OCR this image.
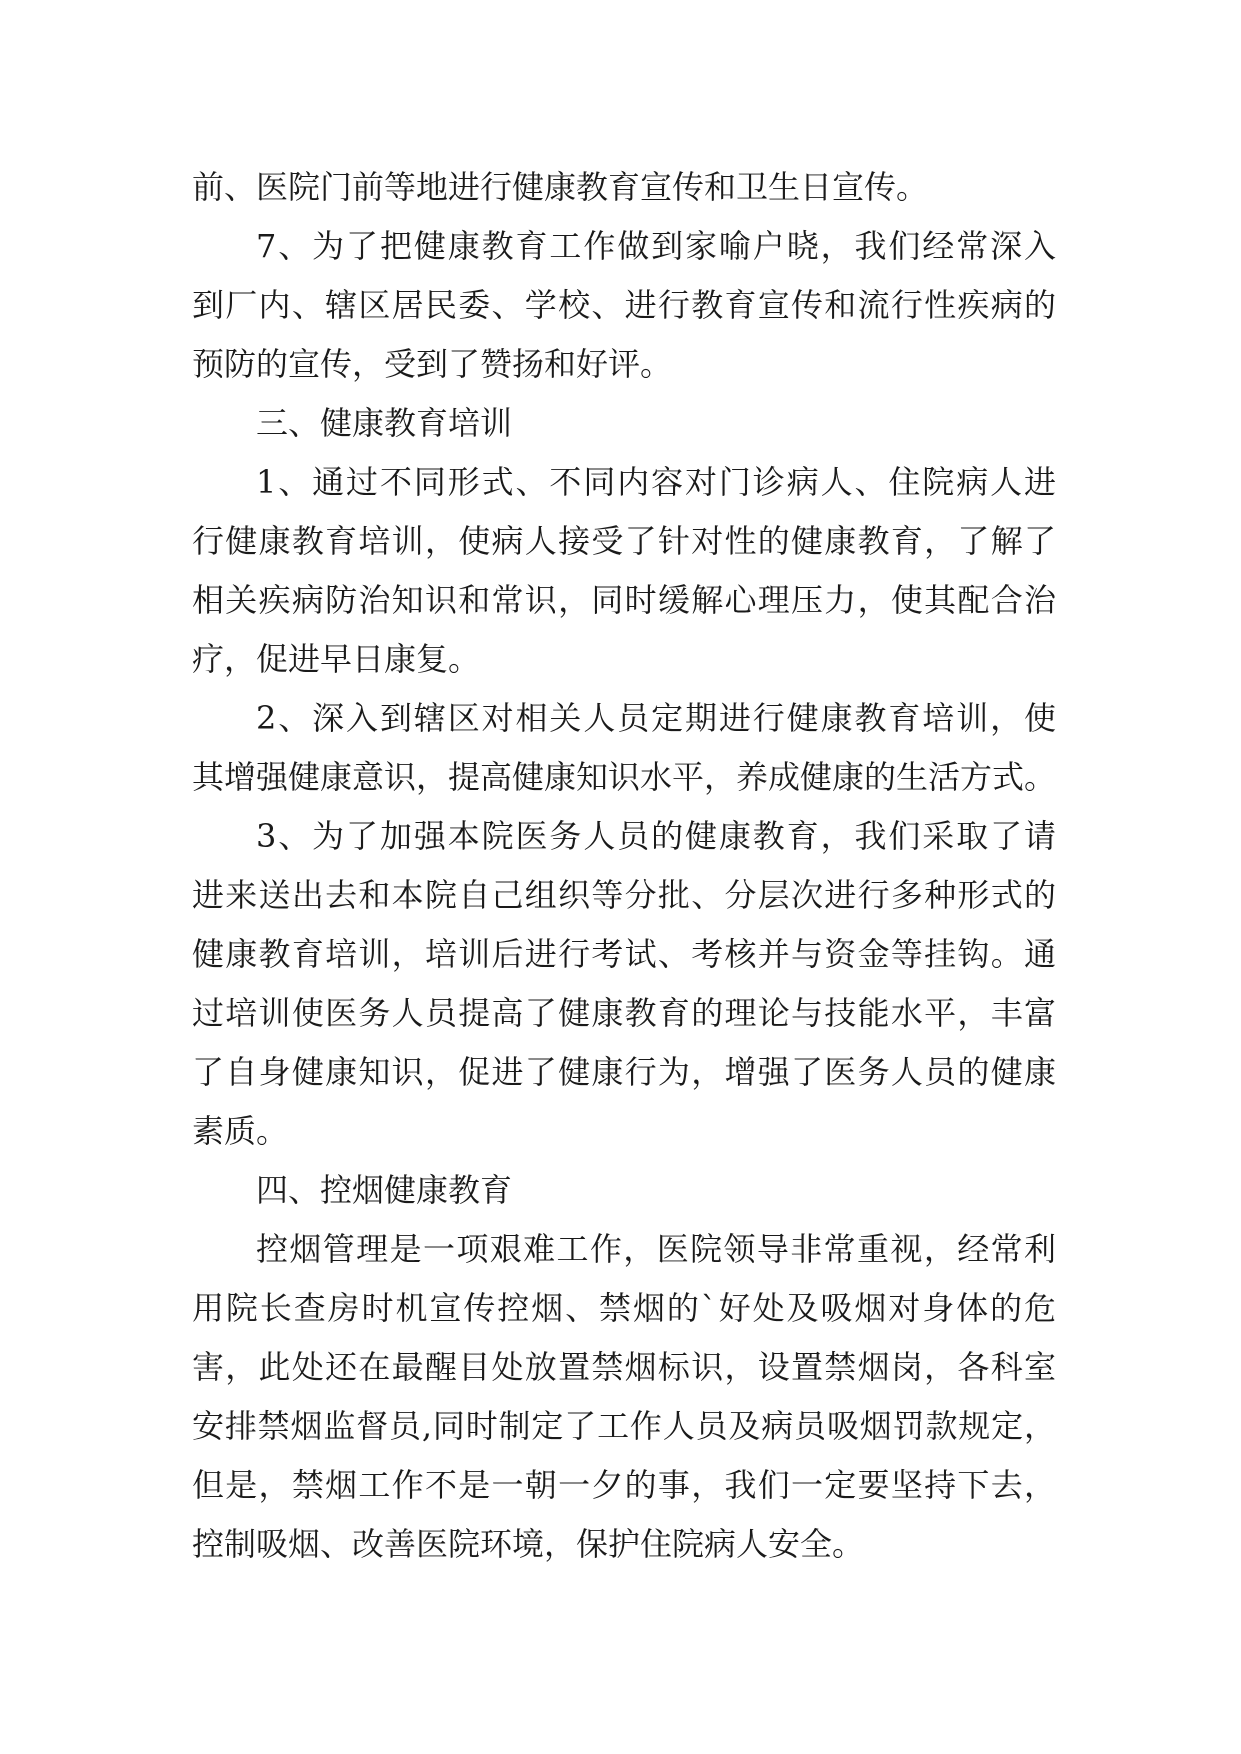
前、医院门前等地进行健康教育宣传和卫生日宣传。
7、为了把健康教育工作做到家喻户晓，我们经常深入
到厂内、辖区居民委、学校、进行教育宣传和流行性疾病的
预防的宣传，受到了赞扬和好评。
三、健康教育培训
1、通过不同形式、不同内容对门诊病人、住院病人进
行健康教育培训，使病人接受了针对性的健康教育，了解了
相关疾病防治知识和常识，同时缓解心理压力，使其配合治
疗，促进早日康复。
2、深入到辖区对相关人员定期进行健康教育培训，使
其增强健康意识，提高健康知识水平，养成健康的生活方式。
3、为了加强本院医务人员的健康教育，我们采取了请
进来送出去和本院自己组织等分批、分层次进行多种形式的
健康教育培训，培训后进行考试、考核并与资金等挂钩。通
过培训使医务人员提高了健康教育的理论与技能水平，丰富
了自身健康知识，促进了健康行为，增强了医务人员的健康
素质。
四、控烟健康教育
控烟管理是一项艰难工作，医院领导非常重视，经常利
用院长查房时机宣传控烟、禁烟的`好处及吸烟对身体的危
害，此处还在最醒目处放置禁烟标识，设置禁烟岗，各科室
安排禁烟监督员,同时制定了工作人员及病员吸烟罚款规定，
但是，禁烟工作不是一朝一夕的事，我们一定要坚持下去，
控制吸烟、改善医院环境，保护住院病人安全。
